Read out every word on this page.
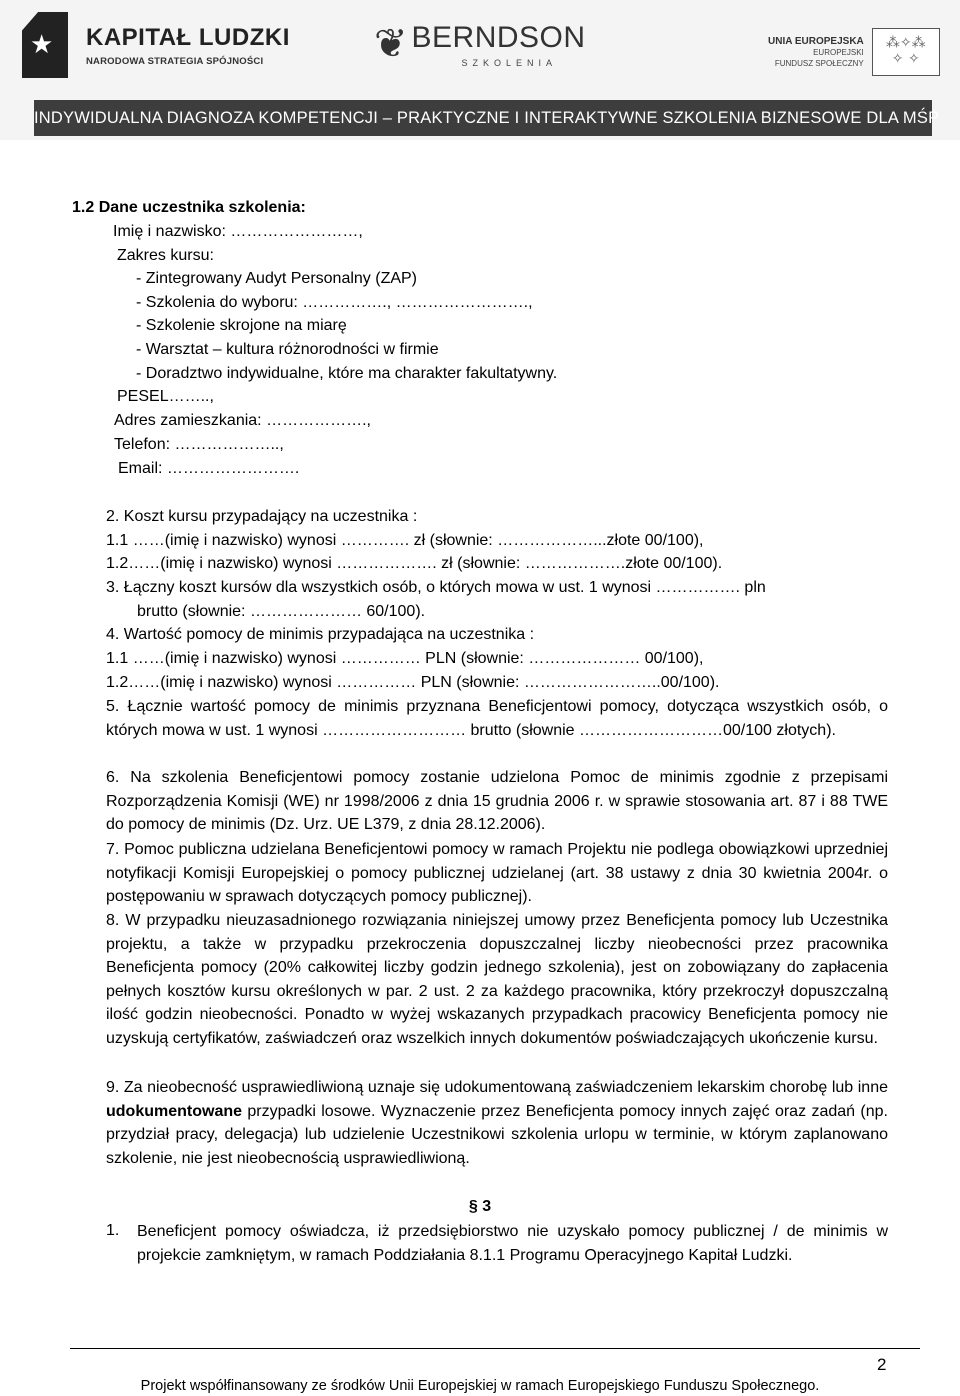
★
KAPITAŁ LUDZKI
NARODOWA STRATEGIA SPÓJNOŚCI	❦ BERNDSON
SZKOLENIA
UNIA EUROPEJSKA
EUROPEJSKI
FUNDUSZ SPOŁECZNY
⁂✧⁂
✧ ✧
INDYWIDUALNA DIAGNOZA KOMPETENCJI – PRAKTYCZNE I INTERAKTYWNE SZKOLENIA BIZNESOWE DLA MŚP
1.2 Dane uczestnika szkolenia:
Imię i nazwisko: ……………………,
Zakres kursu:
- Zintegrowany Audyt Personalny (ZAP)
- Szkolenia do wyboru: ……………., …………………….,
- Szkolenie skrojone na miarę
- Warsztat – kultura różnorodności w firmie
- Doradztwo indywidualne, które ma charakter fakultatywny.
PESEL……..,
Adres zamieszkania: ……………….,
Telefon: ………………..,
Email: …………………….
2. Koszt kursu przypadający na uczestnika :
1.1 ……(imię i nazwisko) wynosi …………. zł (słownie: ………………...złote 00/100),
1.2……(imię i nazwisko) wynosi ………………. zł (słownie: ……………….złote 00/100).
3. Łączny koszt kursów dla wszystkich osób, o których mowa w ust. 1 wynosi ……………. pln
brutto (słownie: ………………… 60/100).
4. Wartość pomocy de minimis przypadająca na uczestnika :
1.1 ……(imię i nazwisko) wynosi …………… PLN (słownie: ………………… 00/100),
1.2……(imię i nazwisko) wynosi …………… PLN (słownie: ……………………..00/100).
5. Łącznie wartość pomocy de minimis przyznana Beneficjentowi pomocy, dotycząca wszystkich osób, o których mowa w ust. 1 wynosi ……………………… brutto (słownie ………………………00/100 złotych).
6. Na szkolenia Beneficjentowi pomocy zostanie udzielona Pomoc de minimis zgodnie z przepisami Rozporządzenia Komisji (WE) nr 1998/2006 z dnia 15 grudnia 2006 r. w sprawie stosowania art. 87 i 88 TWE do pomocy de minimis (Dz. Urz. UE L379, z dnia 28.12.2006).
7. Pomoc publiczna udzielana Beneficjentowi pomocy w ramach Projektu nie podlega obowiązkowi uprzedniej notyfikacji Komisji Europejskiej o pomocy publicznej udzielanej (art. 38 ustawy z dnia 30 kwietnia 2004r. o postępowaniu w sprawach dotyczących pomocy publicznej).
8. W przypadku nieuzasadnionego rozwiązania niniejszej umowy przez Beneficjenta pomocy lub Uczestnika projektu, a także w przypadku przekroczenia dopuszczalnej liczby nieobecności przez pracownika Beneficjenta pomocy (20% całkowitej liczby godzin jednego szkolenia), jest on zobowiązany do zapłacenia pełnych kosztów kursu określonych w par. 2 ust. 2 za każdego pracownika, który przekroczył dopuszczalną ilość godzin nieobecności. Ponadto w wyżej wskazanych przypadkach pracowicy Beneficjenta pomocy nie uzyskują certyfikatów, zaświadczeń oraz wszelkich innych dokumentów poświadczających ukończenie kursu.
9. Za nieobecność usprawiedliwioną uznaje się udokumentowaną zaświadczeniem lekarskim chorobę lub inne udokumentowane przypadki losowe. Wyznaczenie przez Beneficjenta pomocy innych zajęć oraz zadań (np. przydział pracy, delegacja) lub udzielenie Uczestnikowi szkolenia urlopu w terminie, w którym zaplanowano szkolenie, nie jest nieobecnością usprawiedliwioną.
§ 3
1. Beneficjent pomocy oświadcza, iż przedsiębiorstwo nie uzyskało pomocy publicznej / de minimis w projekcie zamkniętym, w ramach Poddziałania 8.1.1 Programu Operacyjnego Kapitał Ludzki.
2
Projekt współfinansowany ze środków Unii Europejskiej w ramach Europejskiego Funduszu Społecznego.
